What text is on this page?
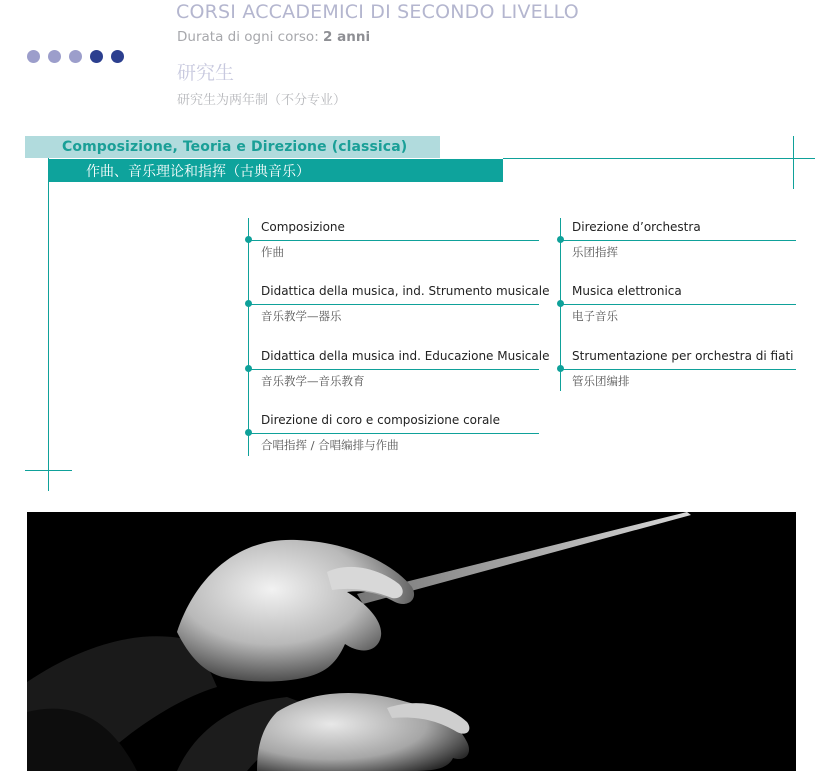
CORSI ACCADEMICI DI SECONDO LIVELLO
Durata di ogni corso: 2 anni
研究生
研究生为两年制（不分专业）
Composizione, Teoria e Direzione (classica)
作曲、音乐理论和指挥（古典音乐）
Composizione
作曲
Didattica della musica, ind. Strumento musicale
音乐教学—器乐
Didattica della musica ind. Educazione Musicale
音乐教学—音乐教育
Direzione di coro e composizione corale
合唱指挥 / 合唱编排与作曲
Direzione d’orchestra
乐团指挥
Musica elettronica
电子音乐
Strumentazione per orchestra di fiati
管乐团编排
